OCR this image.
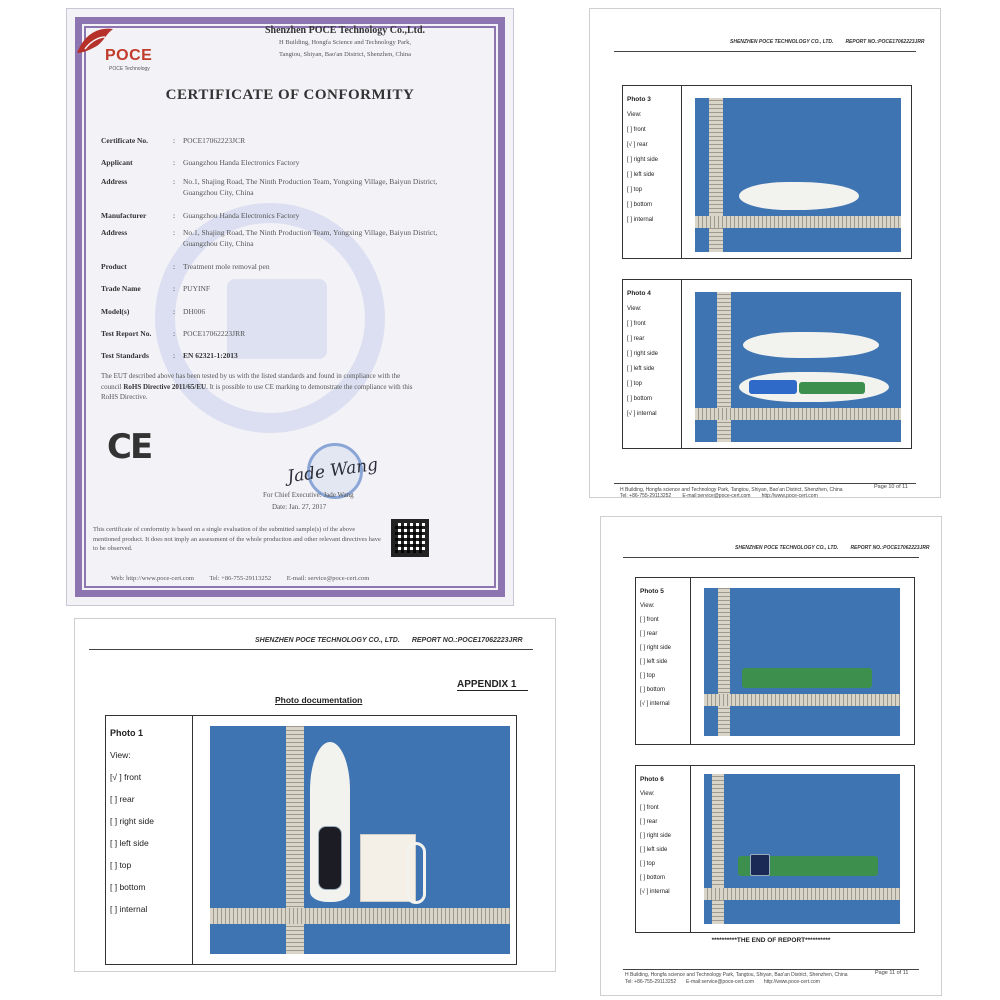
POCE
POCE Technology
Shenzhen POCE Technology Co.,Ltd.
H Building, Hongfa Science and Technology Park,
Tangtou, Shiyan, Bao'an District, Shenzhen, China
CERTIFICATE OF CONFORMITY
Certificate No.	:	POCE17062223JCR
Applicant	:	Guangzhou Handa Electronics Factory
Address	:	No.1, Shajing Road, The Ninth Production Team, Yongxing Village, Baiyun District, Guangzhou City, China
Manufacturer	:	Guangzhou Handa Electronics Factory
Address	:	No.1, Shajing Road, The Ninth Production Team, Yongxing Village, Baiyun District, Guangzhou City, China
Product	:	Treatment mole removal pen
Trade Name	:	PUYINF
Model(s)	:	DH006
Test Report No.	:	POCE17062223JRR
Test Standards	:	EN 62321-1:2013
The EUT described above has been tested by us with the listed standards and found in compliance with the council RoHS Directive 2011/65/EU. It is possible to use CE marking to demonstrate the compliance with this RoHS Directive.
CE
Jade Wang
For Chief Executive: Jade Wang
Date: Jan. 27, 2017
This certificate of conformity is based on a single evaluation of the submitted sample(s) of the above mentioned product. It does not imply an assessment of the whole production and other relevant directives have to be observed.
Web: http://www.poce-cert.com Tel: +86-755-29113252 E-mail: service@poce-cert.com
SHENZHEN POCE TECHNOLOGY CO., LTD. REPORT NO.:POCE17062223JRR
Photo 3
View:
[ ] front
[√ ] rear
[ ] right side
[ ] left side
[ ] top
[ ] bottom
[ ] internal
Photo 4
View:
[ ] front
[ ] rear
[ ] right side
[ ] left side
[ ] top
[ ] bottom
[√ ] internal
H Building, Hongfa science and Technology Park, Tangtou, Shiyan, Bao'an District, Shenzhen, China
Tel: +86-755-29113252 E-mail:service@poce-cert.com http://www.poce-cert.com
Page 10 of 11
SHENZHEN POCE TECHNOLOGY CO., LTD. REPORT NO.:POCE17062223JRR
Photo 5
View:
[ ] front
[ ] rear
[ ] right side
[ ] left side
[ ] top
[ ] bottom
[√ ] internal
Photo 6
View:
[ ] front
[ ] rear
[ ] right side
[ ] left side
[ ] top
[ ] bottom
[√ ] internal
**********THE END OF REPORT**********
H Building, Hongfa science and Technology Park, Tangtou, Shiyan, Bao'an District, Shenzhen, China
Tel: +86-755-29113252 E-mail:service@poce-cert.com http://www.poce-cert.com
Page 11 of 11
SHENZHEN POCE TECHNOLOGY CO., LTD. REPORT NO.:POCE17062223JRR
APPENDIX 1
Photo documentation
Photo 1
View:
[√ ] front
[ ] rear
[ ] right side
[ ] left side
[ ] top
[ ] bottom
[ ] internal
